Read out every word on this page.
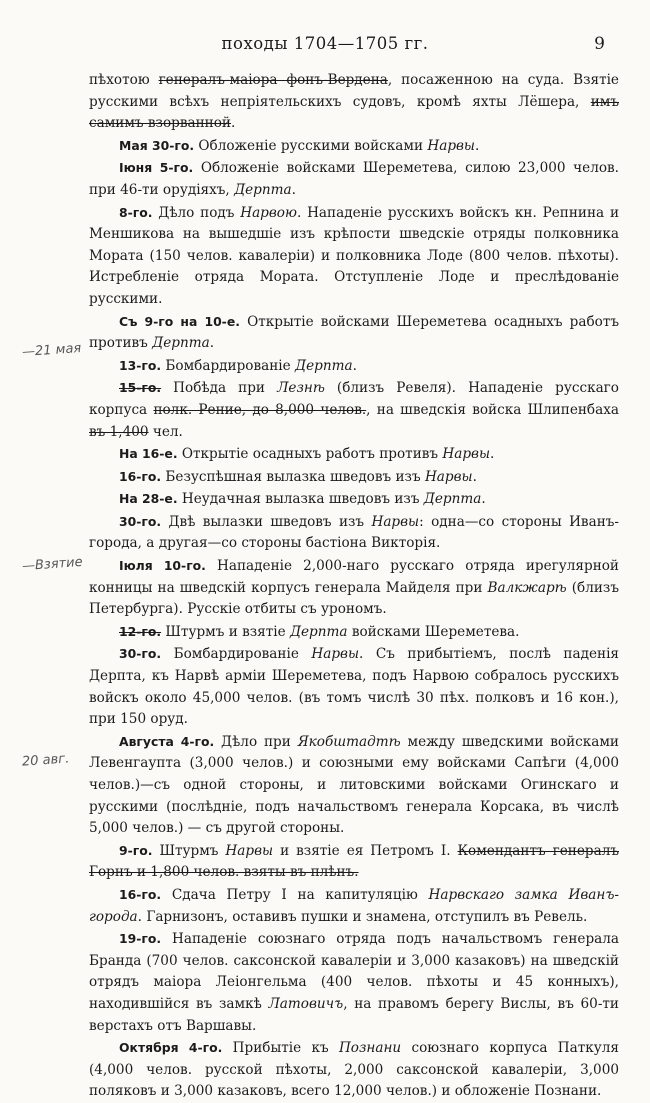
походы 1704—1705 гг.	9
—21 мая
—Взятие
20 авг.

пѣхотою генералъ-маіора фонъ-Вердена, посаженною на суда. Взятіе русскими всѣхъ непріятельскихъ судовъ, кромѣ яхты Лёшера, имъ самимъ взорванной.

Мая 30-го. Обложеніе русскими войсками Нарвы.

Іюня 5-го. Обложеніе войсками Шереметева, силою 23,000 челов. при 46-ти орудіяхъ, Дерпта.

8-го. Дѣло подъ Нарвою. Нападеніе русскихъ войскъ кн. Репнина и Меншикова на вышедшіе изъ крѣпости шведскіе отряды полковника Мората (150 челов. кавалеріи) и полковника Лоде (800 челов. пѣхоты). Истребленіе отряда Мората. Отступленіе Лоде и преслѣдованіе русскими.

Съ 9-го на 10-е. Открытіе войсками Шереметева осадныхъ работъ противъ Дерпта.

13-го. Бомбардированіе Дерпта.

15-го. Побѣда при Лезнѣ (близъ Ревеля). Нападеніе русскаго корпуса полк. Рение, до 8,000 челов., на шведскія войска Шлипенбаха въ 1,400 чел.

На 16-е. Открытіе осадныхъ работъ противъ Нарвы.

16-го. Безуспѣшная вылазка шведовъ изъ Нарвы.

На 28-е. Неудачная вылазка шведовъ изъ Дерпта.

30-го. Двѣ вылазки шведовъ изъ Нарвы: одна—со стороны Иванъ-города, а другая—со стороны бастіона Викторія.

Іюля 10-го. Нападеніе 2,000-наго русскаго отряда ирегулярной конницы на шведскій корпусъ генерала Майделя при Валкжарѣ (близъ Петербурга). Русскіе отбиты съ урономъ.

12-го. Штурмъ и взятіе Дерпта войсками Шереметева.

30-го. Бомбардированіе Нарвы. Съ прибытіемъ, послѣ паденія Дерпта, къ Нарвѣ арміи Шереметева, подъ Нарвою собралось русскихъ войскъ около 45,000 челов. (въ томъ числѣ 30 пѣх. полковъ и 16 кон.), при 150 оруд.

Августа 4-го. Дѣло при Якобштадтѣ между шведскими войсками Левенгаупта (3,000 челов.) и союзными ему войсками Сапѣги (4,000 челов.)—съ одной стороны, и литовскими войсками Огинскаго и русскими (послѣдніе, подъ начальствомъ генерала Корсака, въ числѣ 5,000 челов.) — съ другой стороны.

9-го. Штурмъ Нарвы и взятіе ея Петромъ I. Комендантъ генералъ Горнъ и 1,800 челов. взяты въ плѣнъ.

16-го. Сдача Петру I на капитуляцію Нарвскаго замка Иванъ-города. Гарнизонъ, оставивъ пушки и знамена, отступилъ въ Ревель.

19-го. Нападеніе союзнаго отряда подъ начальствомъ генерала Бранда (700 челов. саксонской кавалеріи и 3,000 казаковъ) на шведскій отрядъ маіора Леіонгельма (400 челов. пѣхоты и 45 конныхъ), находившійся въ замкѣ Латовичъ, на правомъ берегу Вислы, въ 60-ти верстахъ отъ Варшавы.

Октября 4-го. Прибытіе къ Познани союзнаго корпуса Паткуля (4,000 челов. русской пѣхоты, 2,000 саксонской кавалеріи, 3,000 поляковъ и 3,000 казаковъ, всего 12,000 челов.) и обложеніе Познани.
